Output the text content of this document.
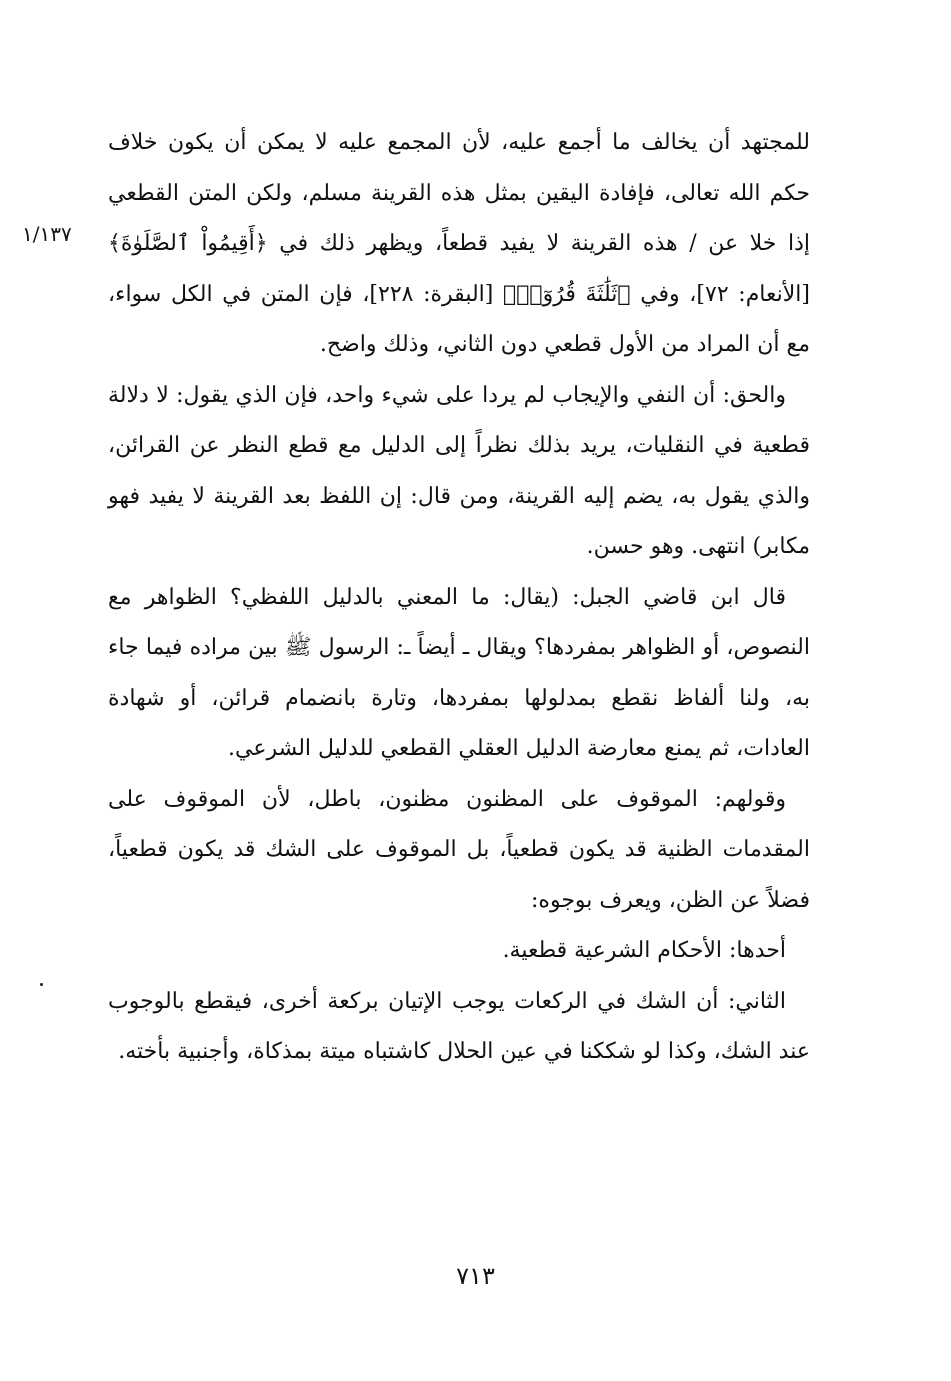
١/١٣٧

للمجتهد أن يخالف ما أجمع عليه، لأن المجمع عليه لا يمكن أن يكون خلاف حكم الله تعالى، فإفادة اليقين بمثل هذه القرينة مسلم، ولكن المتن القطعي إذا خلا عن / هذه القرينة لا يفيد قطعاً، ويظهر ذلك في ﴿أَقِيمُواْ ٱلصَّلَوٰةَ﴾ [الأنعام: ٧٢]، وفي ﴿ثَلَٰثَةَ قُرُوٓءٖ﴾ [البقرة: ٢٢٨]، فإن المتن في الكل سواء، مع أن المراد من الأول قطعي دون الثاني، وذلك واضح.

والحق: أن النفي والإيجاب لم يردا على شيء واحد، فإن الذي يقول: لا دلالة قطعية في النقليات، يريد بذلك نظراً إلى الدليل مع قطع النظر عن القرائن، والذي يقول به، يضم إليه القرينة، ومن قال: إن اللفظ بعد القرينة لا يفيد فهو مكابر) انتهى. وهو حسن.

قال ابن قاضي الجبل: (يقال: ما المعني بالدليل اللفظي؟ الظواهر مع النصوص، أو الظواهر بمفردها؟ ويقال ـ أيضاً ـ: الرسول ﷺ بين مراده فيما جاء به، ولنا ألفاظ نقطع بمدلولها بمفردها، وتارة بانضمام قرائن، أو شهادة العادات، ثم يمنع معارضة الدليل العقلي القطعي للدليل الشرعي.

وقولهم: الموقوف على المظنون مظنون، باطل، لأن الموقوف على المقدمات الظنية قد يكون قطعياً، بل الموقوف على الشك قد يكون قطعياً، فضلاً عن الظن، ويعرف بوجوه:

أحدها: الأحكام الشرعية قطعية.

الثاني: أن الشك في الركعات يوجب الإتيان بركعة أخرى، فيقطع بالوجوب عند الشك، وكذا لو شككنا في عين الحلال كاشتباه ميتة بمذكاة، وأجنبية بأخته.

٧١٣
